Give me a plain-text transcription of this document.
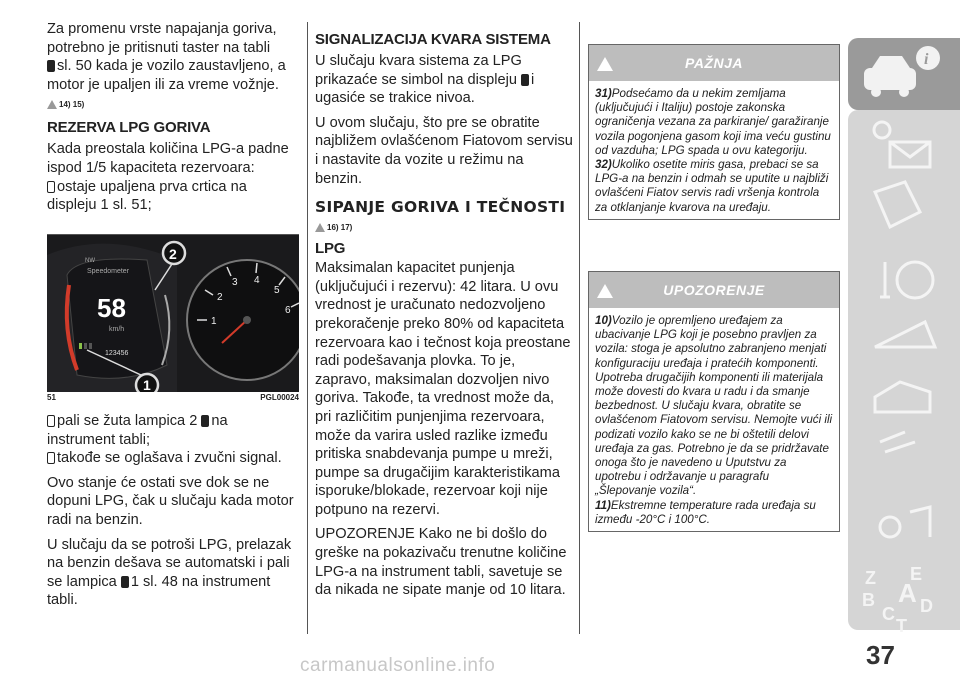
Za promenu vrste napajanja goriva, potrebno je pritisnuti taster na tabli
sl. 50 kada je vozilo zaustavljeno, a motor je upaljen ili za vreme vožnje.

14) 15)
REZERVA LPG GORIVA

Kada preostala količina LPG-a padne ispod 1/5 kapaciteta rezervoara:

ostaje upaljena prva crtica na displeju 1 sl. 51;

Speedometer
NW
58
km/h
123456
1
2
3 4
5
6
2
1
51	PGL00024

pali se žuta lampica 2 na instrument tabli;

takođe se oglašava i zvučni signal.

Ovo stanje će ostati sve dok se ne dopuni LPG, čak u slučaju kada motor radi na benzin.

U slučaju da se potroši LPG, prelazak na benzin dešava se automatski i pali se lampica 1 sl. 48 na instrument tabli.

SIGNALIZACIJA KVARA SISTEMA

U slučaju kvara sistema za LPG prikazaće se simbol na displeju i ugasiće se trakice nivoa.

U ovom slučaju, što pre se obratite najbližem ovlašćenom Fiatovom servisu i nastavite da vozite u režimu na benzin.

SIPANJE GORIVA I TEČNOSTI
16) 17)
LPG

Maksimalan kapacitet punjenja (uključujući i rezervu): 42 litara. U ovu vrednost je uračunato nedozvoljeno prekoračenje preko 80% od kapaciteta rezervoara kao i tečnost koja preostane radi podešavanja plovka. To je, zapravo, maksimalan dozvoljen nivo goriva. Takođe, ta vrednost može da, pri različitim punjenjima rezervoara, može da varira usled razlike između pritiska snabdevanja pumpe u mreži, pumpe sa drugačijim karakteristikama isporuke/blokade, rezervoar koji nije potpuno na rezervi.

UPOZORENJE Kako ne bi došlo do greške na pokazivaču trenutne količine LPG-a na instrument tabli, savetuje se da nikada ne sipate manje od 10 litara.

PAŽNJA
31)Podsećamo da u nekim zemljama (uključujući i Italiju) postoje zakonska ograničenja vezana za parkiranje/ garažiranje vozila pogonjena gasom koji ima veću gustinu od vazduha; LPG spada u ovu kategoriju.
32)Ukoliko osetite miris gasa, prebaci se sa LPG-a na benzin i odmah se uputite u najbliži ovlašćeni Fiatov servis radi vršenja kontrola za otklanjanje kvarova na uređaju.
UPOZORENJE
10)Vozilo je opremljeno uređajem za ubacivanje LPG koji je posebno pravljen za vozila: stoga je apsolutno zabranjeno menjati konfiguraciju uređaja i pratećih komponenti. Upotreba drugačijih komponenti ili materijala može dovesti do kvara u radu i da smanje bezbednost. U slučaju kvara, obratite se ovlašćenom Fiatovom servisu. Nemojte vući ili podizati vozilo kako se ne bi oštetili delovi uređaja za gas. Potrebno je da se pridržavate onoga što je navedeno u Uputstvu za upotrebu i održavanje u paragrafu „Šlepovanje vozila“.
11)Ekstremne temperature rada uređaja su između -20°C i 100°C.
i
Z E
B A
C D
T
37
carmanualsonline.info
